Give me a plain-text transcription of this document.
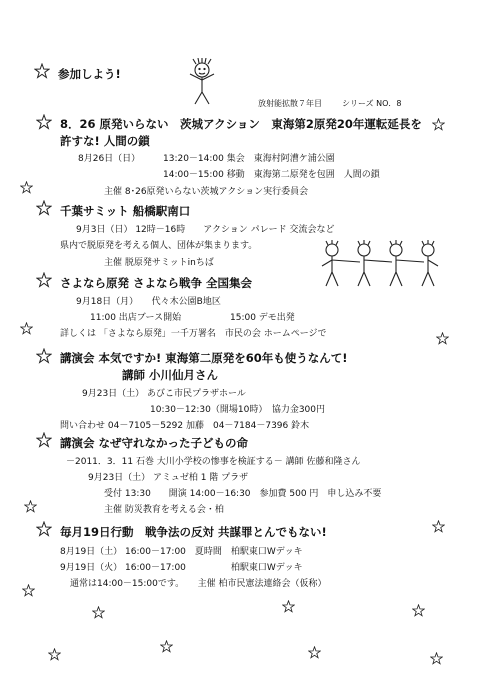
参加しよう!
放射能拡散７年目	シリーズ NO．8
8．26 原発いらない　茨城アクション　東海第2原発20年運転延長を
許すな! 人間の鎖
8月26日（日）	13:20－14:00 集会　東海村阿漕ケ浦公園
14:00－15:00 移動　東海第二原発を包囲　人間の鎖
主催 8･26原発いらない茨城アクション実行委員会
千葉サミット 船橋駅南口
9月3日（日） 12時－16時　　アクション パレード 交流会など
県内で脱原発を考える個人、団体が集まります。
主催 脱原発サミットinちば
さよなら原発 さよなら戦争 全国集会
9月18日（月）　　代々木公園B地区
11:00 出店ブース開始	15:00 デモ出発
詳しくは 「さよなら原発」一千万署名　市民の会 ホームページで
講演会 本気ですか! 東海第二原発を60年も使うなんて!
講師 小川仙月さん
9月23日（土） あびこ市民プラザホール
10:30－12:30（開場10時）　協力金300円
問い合わせ 04－7105－5292 加藤　04－7184－7396 鈴木
講演会 なぜ守れなかった子どもの命
－2011．3．11 石巻 大川小学校の惨事を検証する－ 講師 佐藤和隆さん
9月23日（土） アミュゼ柏 1 階 プラザ
受付 13:30　　開演 14:00－16:30　参加費 500 円　申し込み不要
主催 防災教育を考える会・柏
毎月19日行動　戦争法の反対 共謀罪とんでもない!
8月19日（土） 16:00－17:00　夏時間　柏駅東口Wデッキ
9月19日（火） 16:00－17:00　　　　　柏駅東口Wデッキ
通常は14:00－15:00です。　　主催 柏市民憲法連絡会（仮称）
